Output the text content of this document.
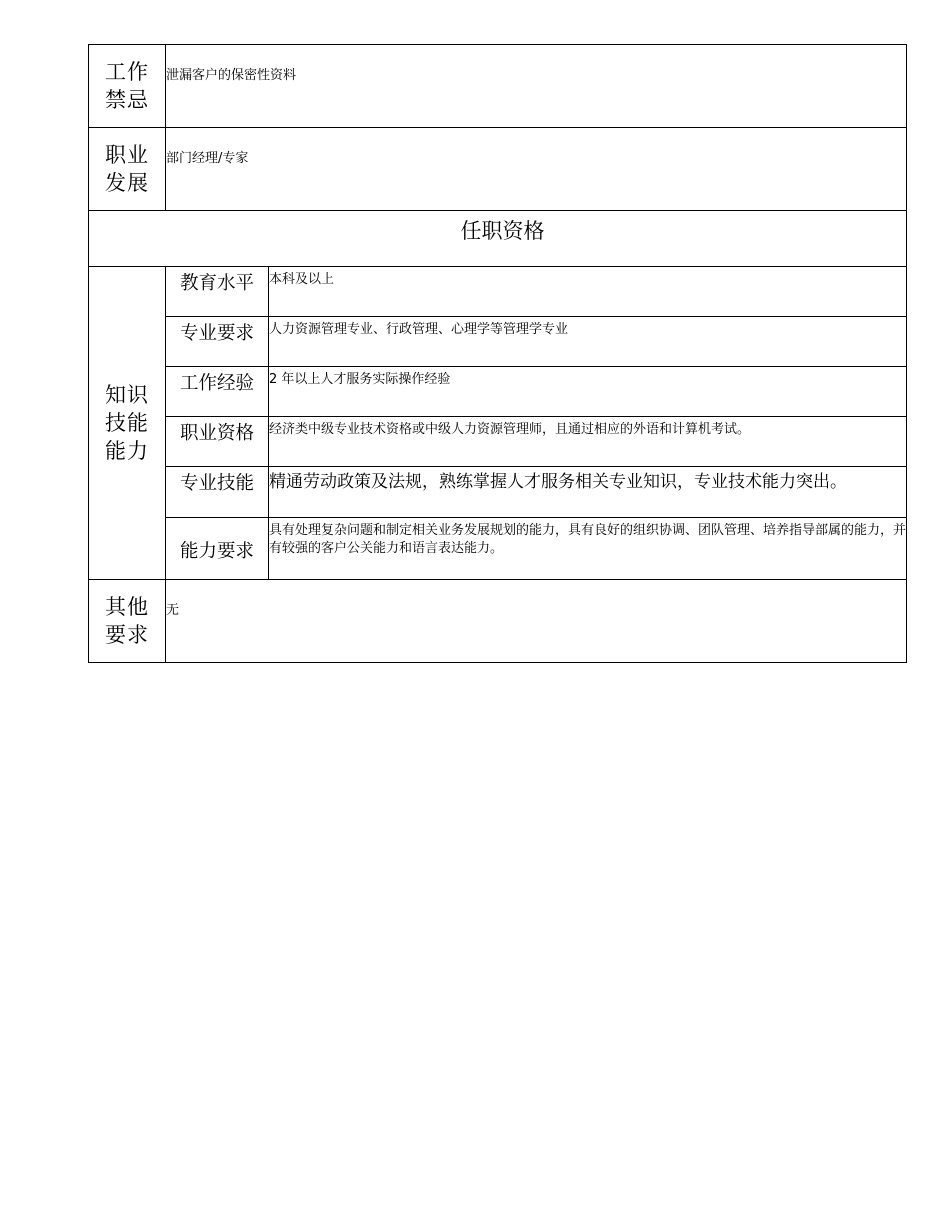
工作
禁忌	泄漏客户的保密性资料	

职业
发展	部门经理/专家	

任职资格		

知识
技能
能力	教育水平	本科及以上
	专业要求	人力资源管理专业、行政管理、心理学等管理学专业
	工作经验	2 年以上人才服务实际操作经验
	职业资格	经济类中级专业技术资格或中级人力资源管理师，且通过相应的外语和计算机考试。
	专业技能	精通劳动政策及法规，熟练掌握人才服务相关专业知识，专业技术能力突出。
	能力要求	具有处理复杂问题和制定相关业务发展规划的能力，具有良好的组织协调、团队管理、培养指导部属的能力，并有较强的客户公关能力和语言表达能力。

其他
要求	无	
